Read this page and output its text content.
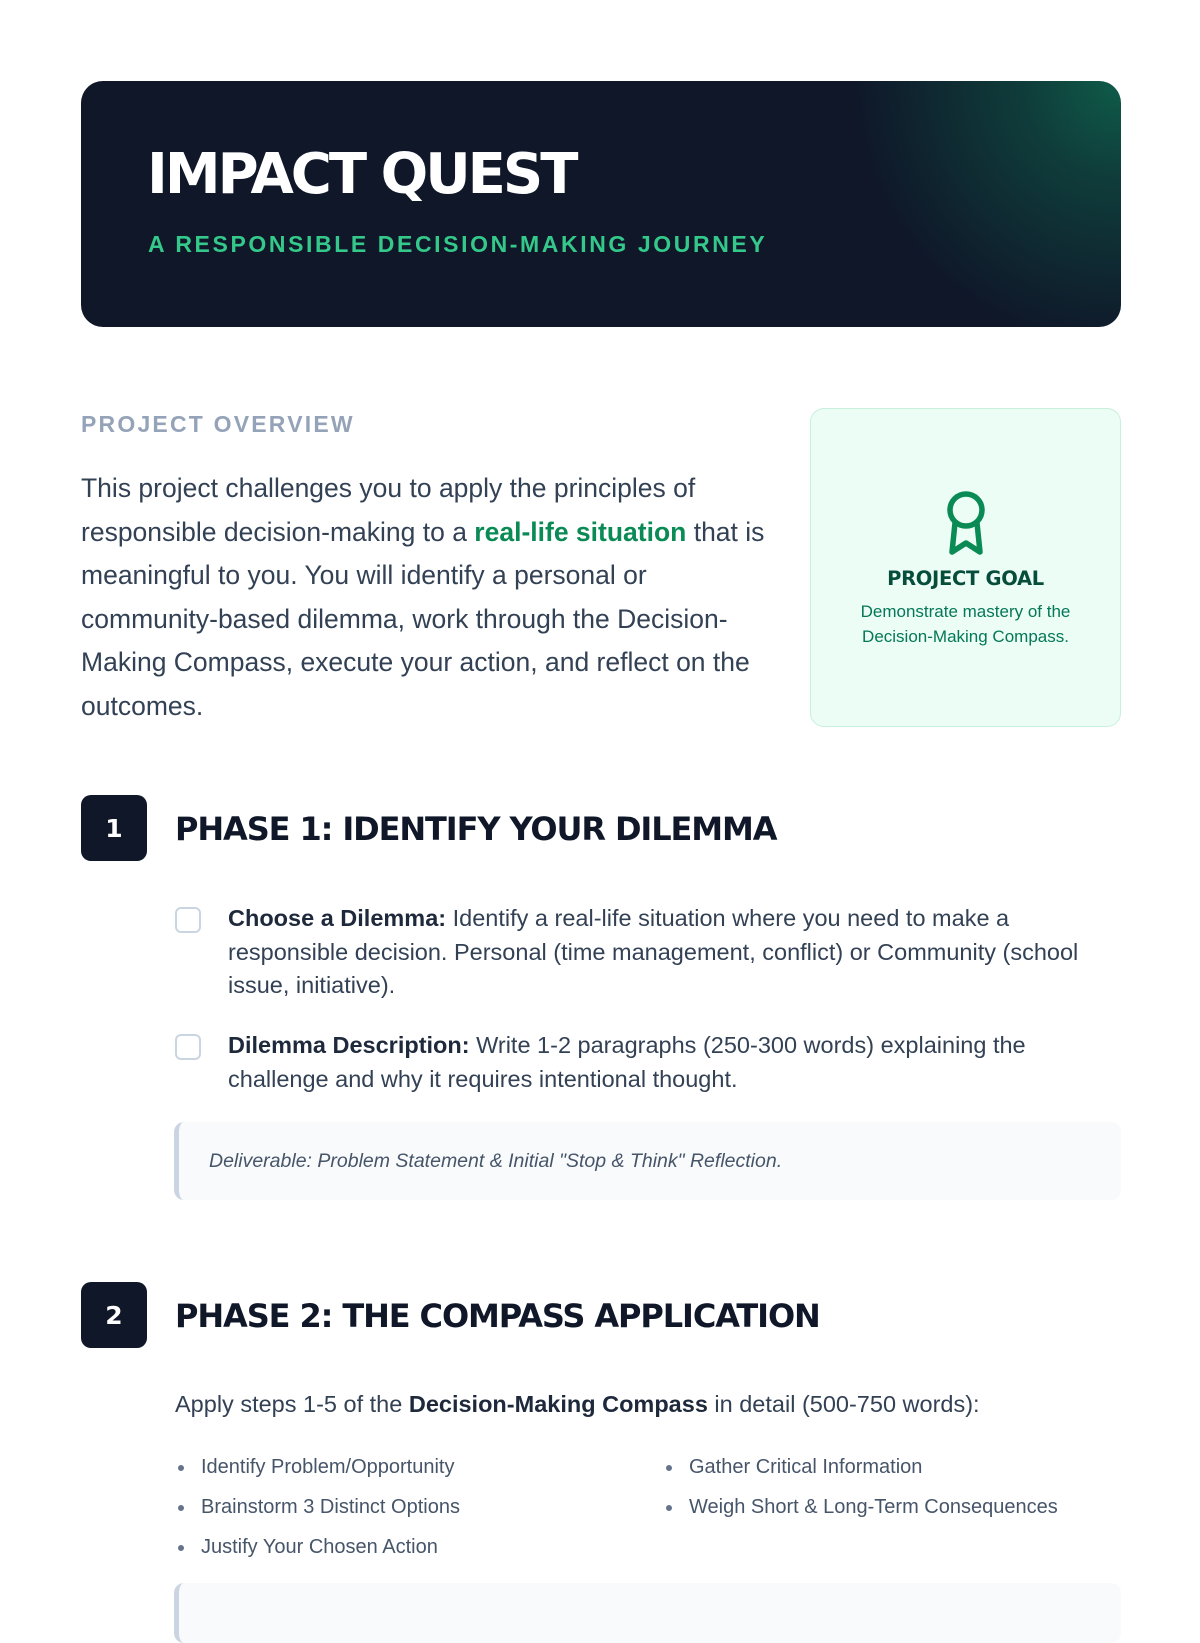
IMPACT QUEST
A RESPONSIBLE DECISION-MAKING JOURNEY
PROJECT OVERVIEW

This project challenges you to apply the principles of responsible decision-making to a real-life situation that is meaningful to you. You will identify a personal or community-based dilemma, work through the Decision-Making Compass, execute your action, and reflect on the outcomes.

PROJECT GOAL
Demonstrate mastery of the Decision-Making Compass.
1	PHASE 1: IDENTIFY YOUR DILEMMA
Choose a Dilemma: Identify a real-life situation where you need to make a responsible decision. Personal (time management, conflict) or Community (school issue, initiative).
Dilemma Description: Write 1-2 paragraphs (250-300 words) explaining the challenge and why it requires intentional thought.
Deliverable: Problem Statement & Initial "Stop & Think" Reflection.
2	PHASE 2: THE COMPASS APPLICATION

Apply steps 1-5 of the Decision-Making Compass in detail (500-750 words):

Identify Problem/Opportunity	Gather Critical Information
Brainstorm 3 Distinct Options	Weigh Short & Long-Term Consequences
Justify Your Chosen Action
